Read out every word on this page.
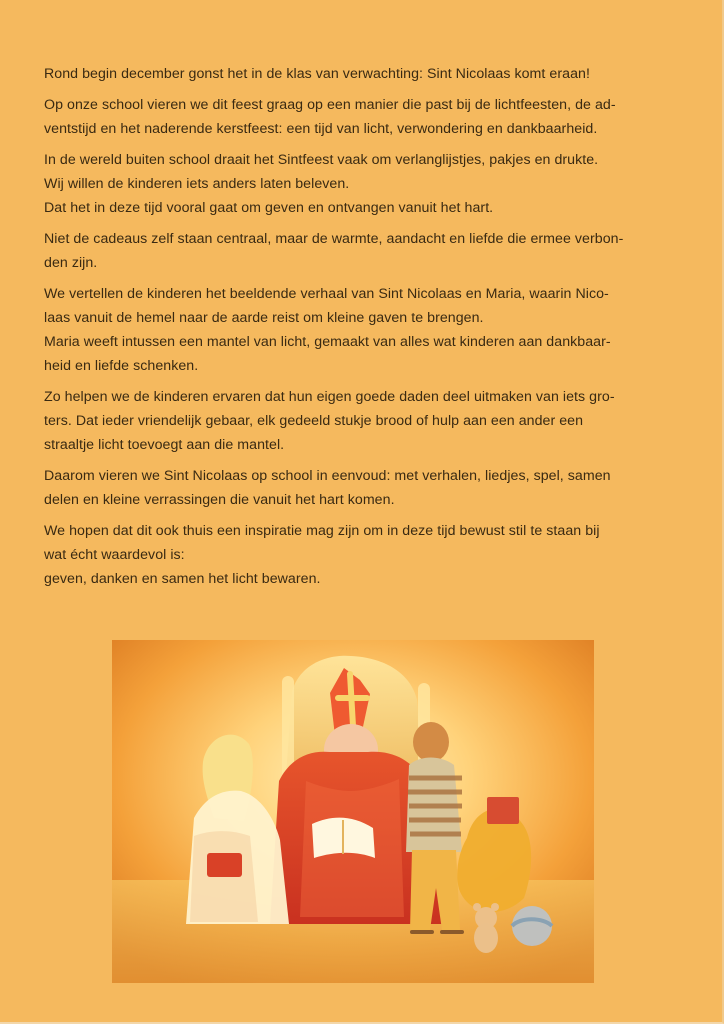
Rond begin december gonst het in de klas van verwachting: Sint Nicolaas komt eraan!

Op onze school vieren we dit feest graag op een manier die past bij de lichtfeesten, de ad-
ventstijd en het naderende kerstfeest: een tijd van licht, verwondering en dankbaarheid.

In de wereld buiten school draait het Sintfeest vaak om verlanglijstjes, pakjes en drukte.
Wij willen de kinderen iets anders laten beleven.
Dat het in deze tijd vooral gaat om geven en ontvangen vanuit het hart.

Niet de cadeaus zelf staan centraal, maar de warmte, aandacht en liefde die ermee verbon-
den zijn.

We vertellen de kinderen het beeldende verhaal van Sint Nicolaas en Maria, waarin Nico-
laas vanuit de hemel naar de aarde reist om kleine gaven te brengen.
Maria weeft intussen een mantel van licht, gemaakt van alles wat kinderen aan dankbaar-
heid en liefde schenken.

Zo helpen we de kinderen ervaren dat hun eigen goede daden deel uitmaken van iets gro-
ters. Dat ieder vriendelijk gebaar, elk gedeeld stukje brood of hulp aan een ander een
straaltje licht toevoegt aan die mantel.

Daarom vieren we Sint Nicolaas op school in eenvoud: met verhalen, liedjes, spel, samen
delen en kleine verrassingen die vanuit het hart komen.

We hopen dat dit ook thuis een inspiratie mag zijn om in deze tijd bewust stil te staan bij
wat écht waardevol is:
geven, danken en samen het licht bewaren.
